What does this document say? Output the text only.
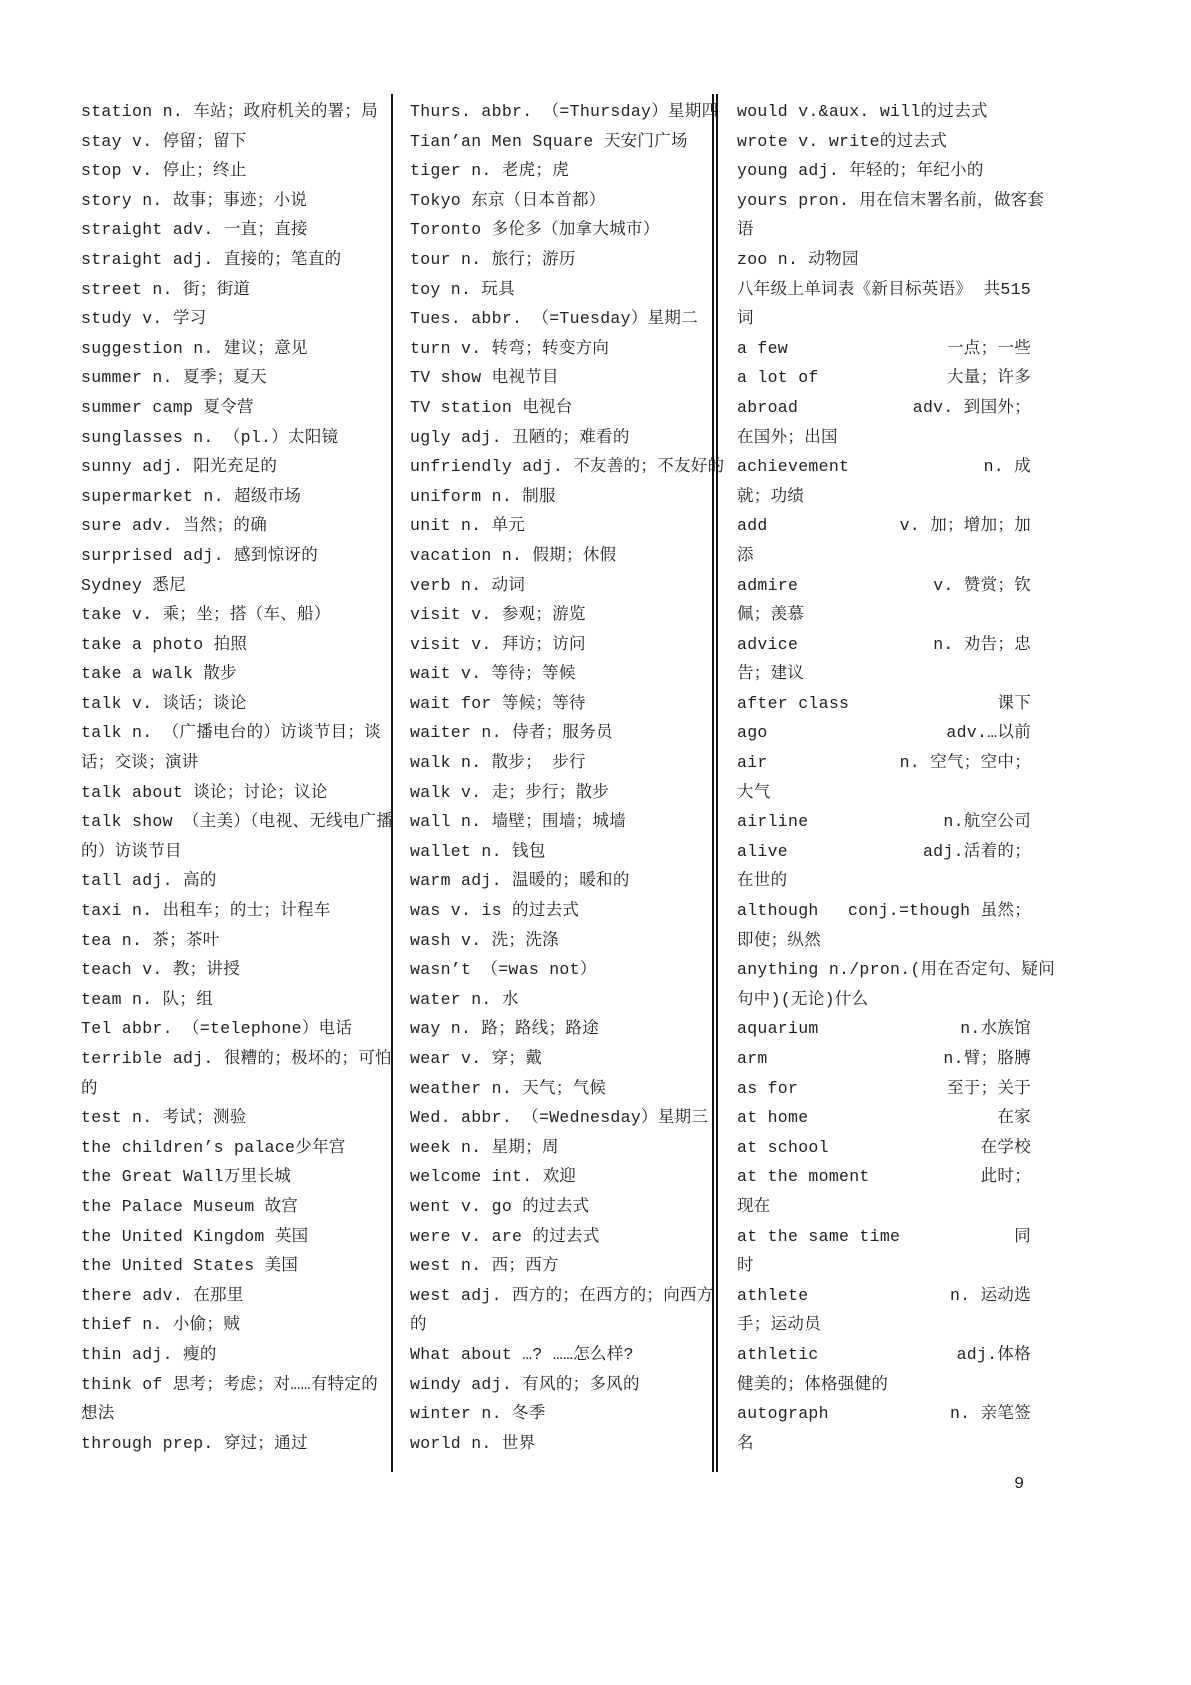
station n. 车站；政府机关的署；局
stay v. 停留；留下
stop v. 停止；终止
story n. 故事；事迹；小说
straight adv. 一直；直接
straight adj. 直接的；笔直的
street n. 街；街道
study v. 学习
suggestion n. 建议；意见
summer n. 夏季；夏天
summer camp 夏令营
sunglasses n. （pl.）太阳镜
sunny adj. 阳光充足的
supermarket n. 超级市场
sure adv. 当然；的确
surprised adj. 感到惊讶的
Sydney 悉尼
take v. 乘；坐；搭（车、船）
take a photo 拍照
take a walk 散步
talk v. 谈话；谈论
talk n. （广播电台的）访谈节目；谈
话；交谈；演讲
talk about 谈论；讨论；议论
talk show （主美）（电视、无线电广播
的）访谈节目
tall adj. 高的
taxi n. 出租车；的士；计程车
tea n. 茶；茶叶
teach v. 教；讲授
team n. 队；组
Tel abbr. （=telephone）电话
terrible adj. 很糟的；极坏的；可怕
的
test n. 考试；测验
the children’s palace少年宫
the Great Wall万里长城
the Palace Museum 故宫
the United Kingdom 英国
the United States 美国
there adv. 在那里
thief n. 小偷；贼
thin adj. 瘦的
think of 思考；考虑；对……有特定的
想法
through prep. 穿过；通过
Thurs. abbr. （=Thursday）星期四
Tian’an Men Square 天安门广场
tiger n. 老虎；虎
Tokyo 东京（日本首都）
Toronto 多伦多（加拿大城市）
tour n. 旅行；游历
toy n. 玩具
Tues. abbr. （=Tuesday）星期二
turn v. 转弯；转变方向
TV show 电视节目
TV station 电视台
ugly adj. 丑陋的；难看的
unfriendly adj. 不友善的；不友好的
uniform n. 制服
unit n. 单元
vacation n. 假期；休假
verb n. 动词
visit v. 参观；游览
visit v. 拜访；访问
wait v. 等待；等候
wait for 等候；等待
waiter n. 侍者；服务员
walk n. 散步； 步行
walk v. 走；步行；散步
wall n. 墙壁；围墙；城墙
wallet n. 钱包
warm adj. 温暖的；暖和的
was v. is 的过去式
wash v. 洗；洗涤
wasn’t （=was not）
water n. 水
way n. 路；路线；路途
wear v. 穿；戴
weather n. 天气；气候
Wed. abbr. （=Wednesday）星期三
week n. 星期；周
welcome int. 欢迎
went v. go 的过去式
were v. are 的过去式
west n. 西；西方
west adj. 西方的；在西方的；向西方
的
What about …? ……怎么样?
windy adj. 有风的；多风的
winter n. 冬季
world n. 世界
would v.&aux. will的过去式
wrote v. write的过去式
young adj. 年轻的；年纪小的
yours pron. 用在信末署名前，做客套
语
zoo n. 动物园
八年级上单词表《新目标英语》 共515
词
a few	一点；一些
a lot of	大量；许多
abroad	adv. 到国外；
在国外；出国
achievement	n. 成
就；功绩
add	v. 加；增加；加
添
admire	v. 赞赏；钦
佩；羡慕
advice	n. 劝告；忠
告；建议
after class	课下
ago	adv.…以前
air	n. 空气；空中；
大气
airline	n.航空公司
alive	adj.活着的；
在世的
although conj.=though 虽然；
即使；纵然
anything n./pron.(用在否定句、疑问
句中)(无论)什么
aquarium	n.水族馆
arm	n.臂；胳膊
as for	至于；关于
at home	在家
at school	在学校
at the moment	此时；
现在
at the same time	同
时
athlete	n. 运动选
手；运动员
athletic	adj.体格
健美的；体格强健的
autograph	n. 亲笔签
名
9
